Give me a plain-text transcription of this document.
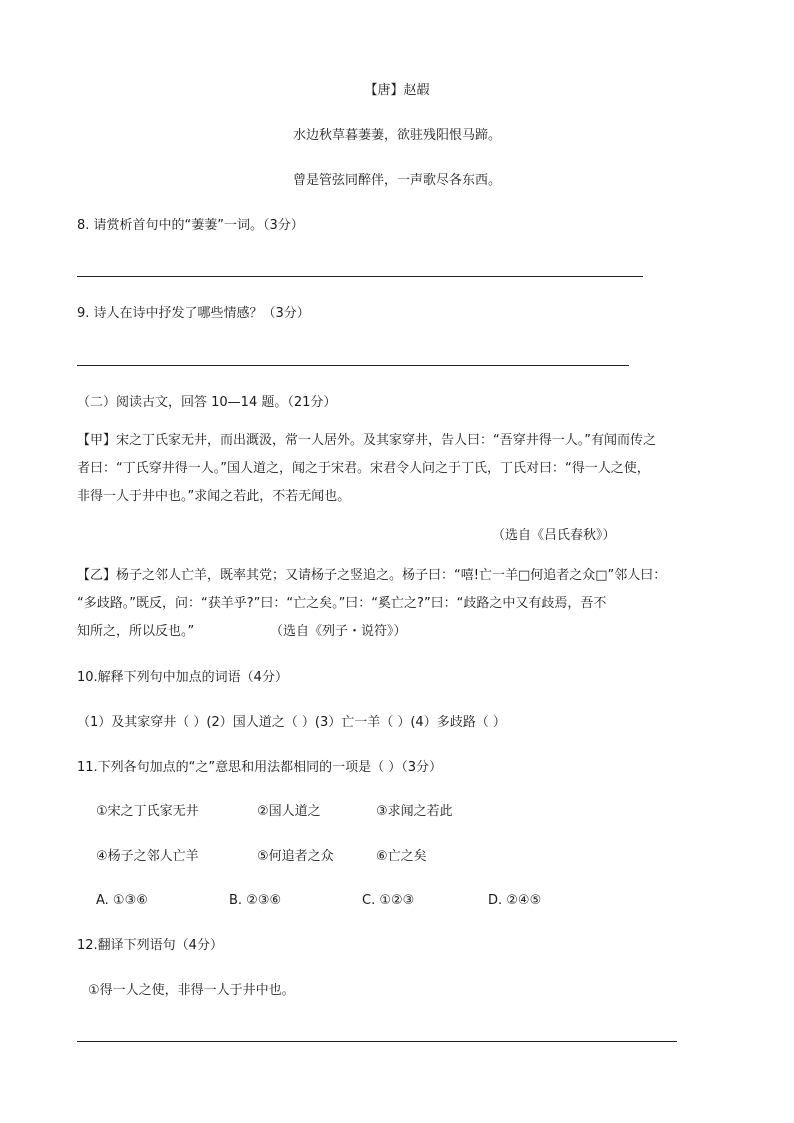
【唐】赵嘏
水边秋草暮萋萋，欲驻残阳恨马蹄。
曾是管弦同醉伴，一声歌尽各东西。
8. 请赏析首句中的“萋萋”一词。（3分）
9. 诗人在诗中抒发了哪些情感？（3分）
（二）阅读古文，回答 10—14 题。（21分）
【甲】宋之丁氏家无井，而出溉汲，常一人居外。及其家穿井，告人曰：“吾穿井得一人。”有闻而传之
者曰：“丁氏穿井得一人。”国人道之，闻之于宋君。宋君令人问之于丁氏，丁氏对曰：“得一人之使，
非得一人于井中也。”求闻之若此，不若无闻也。
（选自《吕氏春秋》）
【乙】杨子之邻人亡羊，既率其党；又请杨子之竖追之。杨子曰：“嘻!亡一羊□何追者之众□”邻人曰：
“多歧路。”既反，问：“获羊乎?”曰：“亡之矣。”曰：“奚亡之?”曰：“歧路之中又有歧焉，吾不
知所之，所以反也。”	（选自《列子・说符》）
10.解释下列句中加点的词语（4分）
（1）及其家穿井（ ）(2）国人道之（ ）(3）亡一羊（ ）(4）多歧路（ ）
11.下列各句加点的“之”意思和用法都相同的一项是（ ）（3分）
①宋之丁氏家无井	②国人道之	③求闻之若此
④杨子之邻人亡羊	⑤何追者之众	⑥亡之矣
A. ①③⑥	B. ②③⑥	C. ①②③	D. ②④⑤
12.翻译下列语句（4分）
①得一人之使，非得一人于井中也。
